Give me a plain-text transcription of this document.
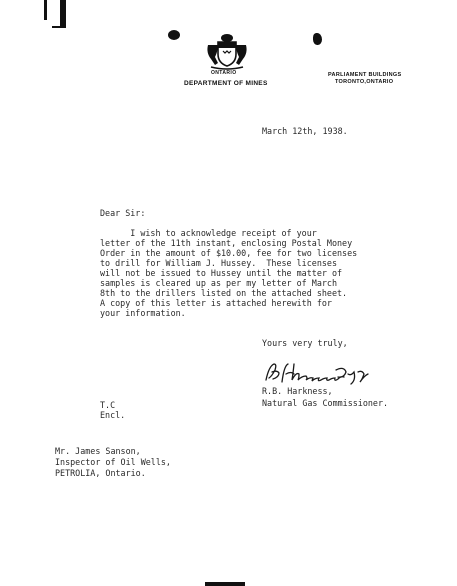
ONTARIO
DEPARTMENT OF MINES
PARLIAMENT BUILDINGS
TORONTO,ONTARIO
March 12th, 1938.
Dear Sir:
I wish to acknowledge receipt of your
letter of the 11th instant, enclosing Postal Money
Order in the amount of $10.00, fee for two licenses
to drill for William J. Hussey.  These licenses
will not be issued to Hussey until the matter of
samples is cleared up as per my letter of March
8th to the drillers listed on the attached sheet.
A copy of this letter is attached herewith for
your information.
Yours very truly,
R.B. Harkness,
Natural Gas Commissioner.
T.C
Encl.
Mr. James Sanson,
Inspector of Oil Wells,
PETROLIA, Ontario.
